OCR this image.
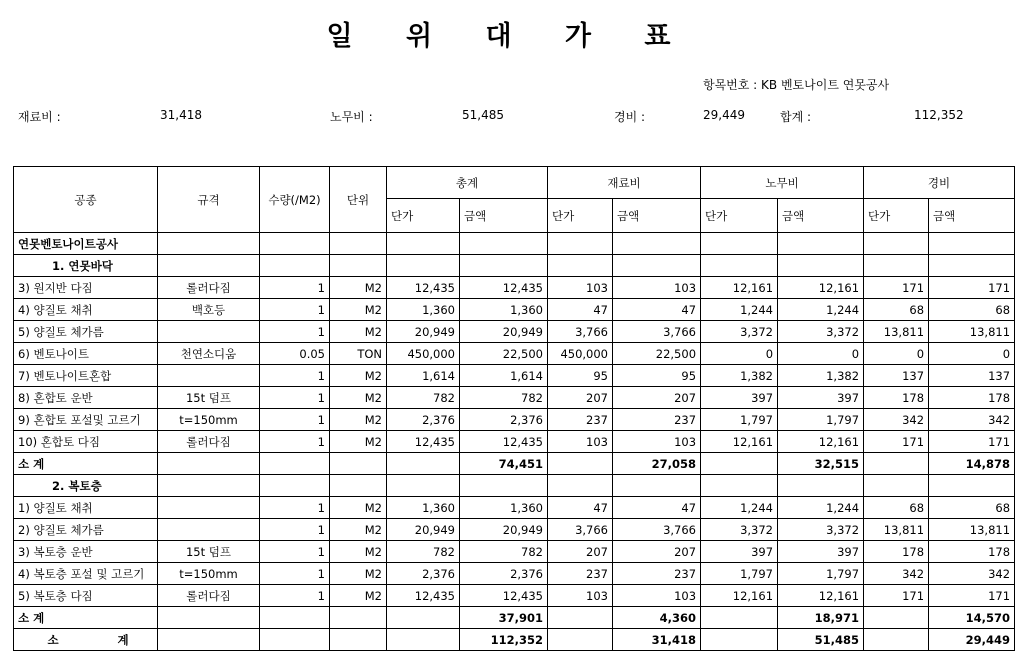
일 위 대 가 표
항목번호 : KB 벤토나이트 연못공사
재료비 :	31,418	노무비 :	51,485	경비 :	29,449	합계 :	112,352
공종	규격	수량(/M2)	단위	총계		재료비		노무비		경비	
				단가	금액	단가	금액	단가	금액	단가	금액
연못벤토나이트공사											
1. 연못바닥											
3) 원지반 다짐	롤러다짐	1	M2	12,435	12,435	103	103	12,161	12,161	171	171
4) 양질토 채취	백호등	1	M2	1,360	1,360	47	47	1,244	1,244	68	68
5) 양질토 체가름		1	M2	20,949	20,949	3,766	3,766	3,372	3,372	13,811	13,811
6) 벤토나이트	천연소디움	0.05	TON	450,000	22,500	450,000	22,500	0	0	0	0
7) 벤토나이트혼합		1	M2	1,614	1,614	95	95	1,382	1,382	137	137
8) 혼합토 운반	15t 덤프	1	M2	782	782	207	207	397	397	178	178
9) 혼합토 포설및 고르기	t=150mm	1	M2	2,376	2,376	237	237	1,797	1,797	342	342
10) 혼합토 다짐	롤러다짐	1	M2	12,435	12,435	103	103	12,161	12,161	171	171
소 계					74,451		27,058		32,515		14,878
2. 복토층											
1) 양질토 채취		1	M2	1,360	1,360	47	47	1,244	1,244	68	68
2) 양질토 체가름		1	M2	20,949	20,949	3,766	3,766	3,372	3,372	13,811	13,811
3) 복토층 운반	15t 덤프	1	M2	782	782	207	207	397	397	178	178
4) 복토층 포설 및 고르기	t=150mm	1	M2	2,376	2,376	237	237	1,797	1,797	342	342
5) 복토층 다짐	롤러다짐	1	M2	12,435	12,435	103	103	12,161	12,161	171	171
소 계					37,901		4,360		18,971		14,570
소 계					112,352		31,418		51,485		29,449
